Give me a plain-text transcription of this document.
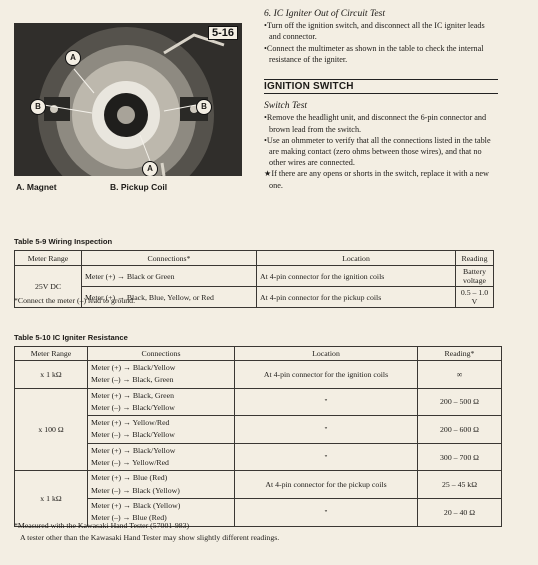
A
B	B
A
5-16
A. Magnet	B. Pickup Coil

6. IC Igniter Out of Circuit Test

•Turn off the ignition switch, and disconnect all the IC igniter leads and connector.

•Connect the multimeter as shown in the table to check the internal resistance of the igniter.

IGNITION SWITCH

Switch Test

•Remove the headlight unit, and disconnect the 6-pin connector and brown lead from the switch.

•Use an ohmmeter to verify that all the connections listed in the table are making contact (zero ohms between those wires), and that no other wires are connected.

★If there are any opens or shorts in the switch, replace it with a new one.

Table 5-9 Wiring Inspection
Meter Range	Connections*	Location	Reading
25V DC	Meter (+) → Black or Green	At 4-pin connector for the ignition coils	Battery voltage
	Meter (+) → Black, Blue, Yellow, or Red	At 4-pin connector for the pickup coils	0.5 – 1.0 V
*Connect the meter (–) lead to ground.
Table 5-10 IC Igniter Resistance
Meter Range	Connections	Location	Reading*
x 1 kΩ	Meter (+) → Black/Yellow
Meter (–) → Black, Green	At 4-pin connector for the ignition coils	∞
x 100 Ω	Meter (+) → Black, Green
Meter (–) → Black/Yellow	"	200 – 500 Ω

	Meter (+) → Yellow/Red
Meter (–) → Black/Yellow	"	200 – 600 Ω

	Meter (+) → Black/Yellow
Meter (–) → Yellow/Red	"	300 – 700 Ω
x 1 kΩ	Meter (+) → Blue (Red)
Meter (–) → Black (Yellow)	At 4-pin connector for the pickup coils	25 – 45 kΩ

	Meter (+) → Black (Yellow)
Meter (–) → Blue (Red)	"	20 – 40 Ω
*Measured with the Kawasaki Hand Tester (57001-983)
A tester other than the Kawasaki Hand Tester may show slightly different readings.
